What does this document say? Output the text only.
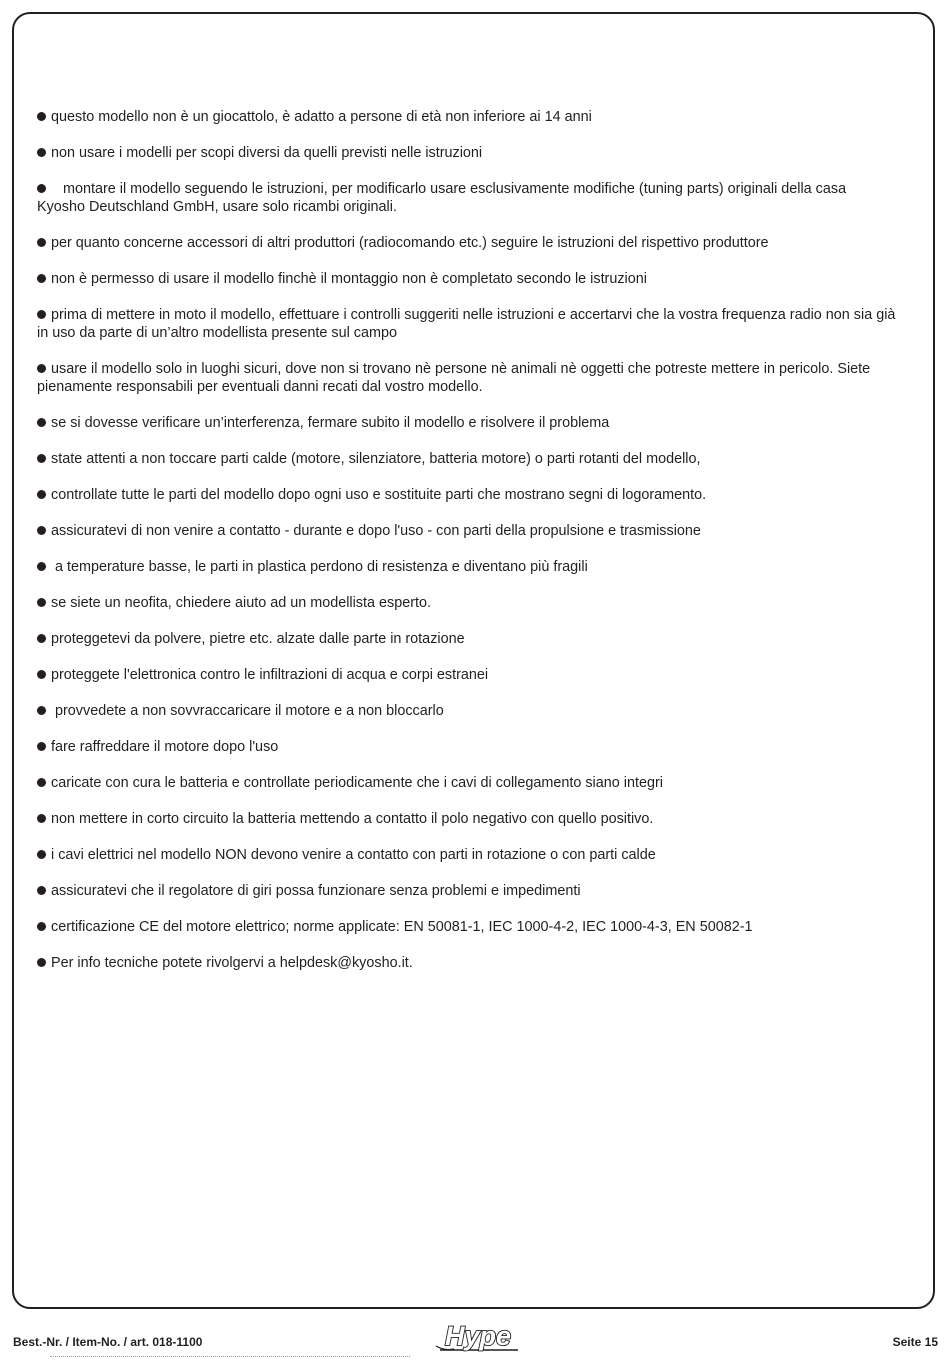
questo modello non è un giocattolo, è adatto a persone di età non inferiore ai 14 anni
non usare i modelli per scopi diversi da quelli previsti nelle istruzioni
montare il modello seguendo le istruzioni, per modificarlo usare esclusivamente modifiche (tuning parts) originali della casa Kyosho Deutschland GmbH, usare solo ricambi originali.
per quanto concerne accessori di altri produttori (radiocomando etc.) seguire le istruzioni del rispettivo produttore
non è permesso di usare il modello finchè il montaggio non è completato secondo le istruzioni
prima di mettere in moto il modello, effettuare i controlli suggeriti nelle istruzioni e accertarvi che la vostra frequenza radio non sia già in uso da parte di un’altro modellista presente sul campo
usare il modello solo in luoghi sicuri, dove non si trovano nè persone nè animali nè oggetti che potreste mettere in pericolo. Siete pienamente responsabili per eventuali danni recati dal vostro modello.
se si dovesse verificare un’interferenza, fermare subito il modello e risolvere il problema
state attenti a non toccare parti calde (motore, silenziatore, batteria motore) o parti rotanti del modello,
controllate tutte le parti del modello dopo ogni uso e sostituite parti che mostrano segni di logoramento.
assicuratevi di non venire a contatto - durante e dopo l'uso - con parti della propulsione e trasmissione
a temperature basse, le parti in plastica perdono di resistenza e diventano più fragili
se siete un neofita, chiedere aiuto ad un modellista esperto.
proteggetevi da polvere, pietre etc. alzate dalle parte in rotazione
proteggete l'elettronica contro le infiltrazioni di acqua e corpi estranei
provvedete a non sovvraccaricare il motore e a non bloccarlo
fare raffreddare il motore dopo l'uso
caricate con cura le batteria e controllate periodicamente che i cavi di collegamento siano integri
non mettere in corto circuito la batteria mettendo a contatto il polo negativo con quello positivo.
i cavi elettrici nel modello NON devono venire a contatto con parti in rotazione o con parti calde
assicuratevi che il regolatore di giri possa funzionare senza problemi e impedimenti
certificazione CE del motore elettrico; norme applicate: EN 50081-1, IEC 1000-4-2, IEC 1000-4-3, EN 50082-1
Per info tecniche potete rivolgervi a helpdesk@kyosho.it.
Best.-Nr. / Item-No. / art. 018-1100	Hype	Seite 15
